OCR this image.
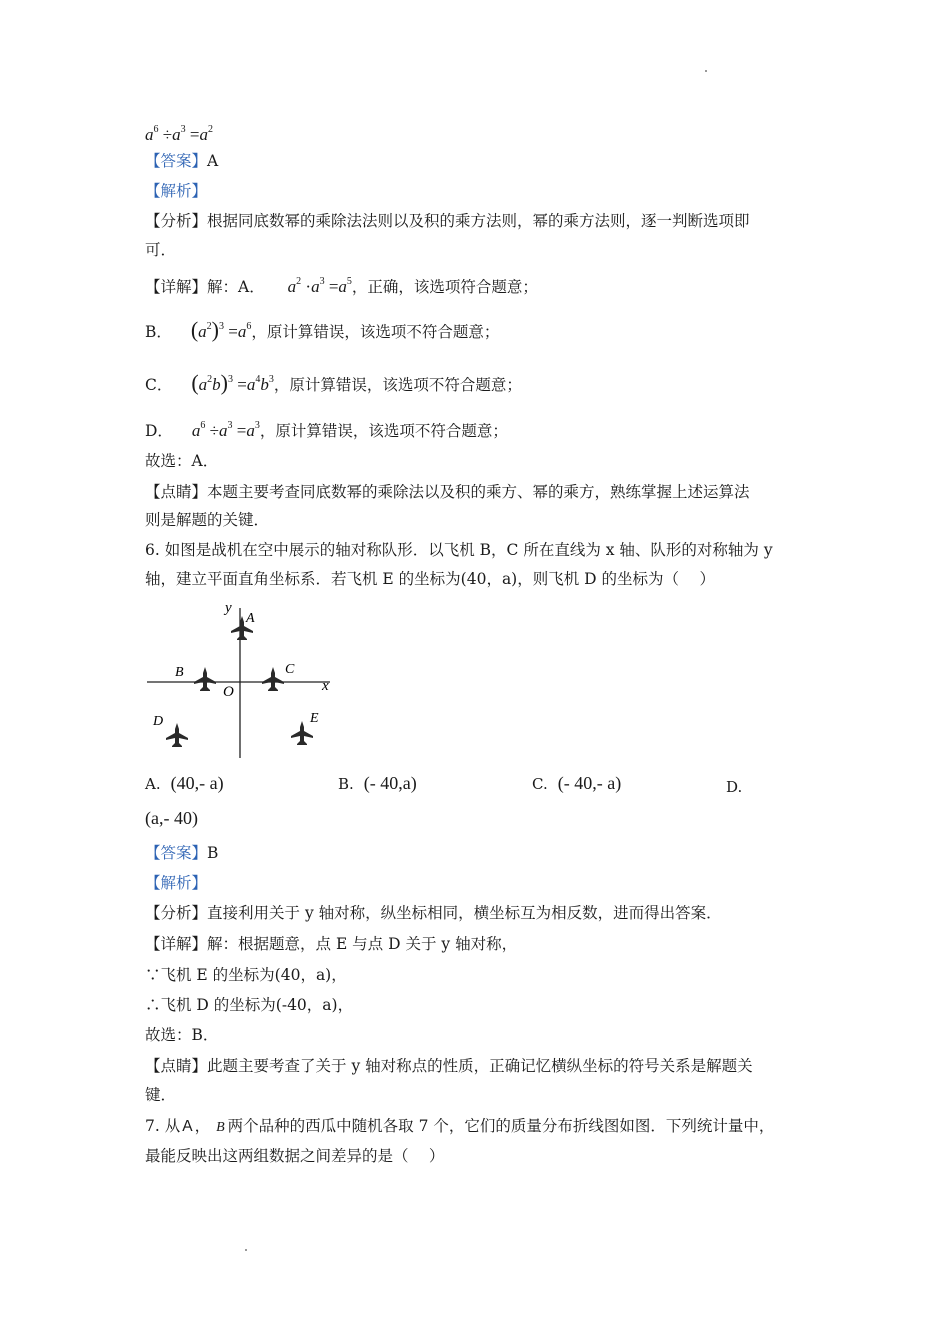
$a^6 \div a^3 =a^2$
【答案】A
【解析】
【分析】根据同底数幂的乘除法法则以及积的乘方法则，幂的乘方法则，逐一判断选项即
可．
【详解】解：A． $a^2 \cdot a^3 =a^5$，正确，该选项符合题意；
B． $(a^2)^3 =a^6$，原计算错误，该选项不符合题意；
C． $(a^2b)^3 =a^4b^3$，原计算错误，该选项不符合题意；
D． $a^6 \div a^3 =a^3$，原计算错误，该选项不符合题意；
故选：A．
【点睛】本题主要考查同底数幂的乘除法以及积的乘方、幂的乘方，熟练掌握上述运算法
则是解题的关键．
6. 如图是战机在空中展示的轴对称队形．以飞机 B，C 所在直线为 x 轴、队形的对称轴为 y
轴，建立平面直角坐标系．若飞机 E 的坐标为(40，a)，则飞机 D 的坐标为（　 ）
y
x
O
A
B	C
D	E
A. (40,- a)	B. (- 40,a)	C. (- 40,- a)	D.
(a,- 40)
【答案】B
【解析】
【分析】直接利用关于 y 轴对称，纵坐标相同，横坐标互为相反数，进而得出答案．
【详解】解：根据题意，点 E 与点 D 关于 y 轴对称，
∵飞机 E 的坐标为(40，a)，
∴飞机 D 的坐标为(-40，a)，
故选：B．
【点睛】此题主要考查了关于 y 轴对称点的性质，正确记忆横纵坐标的符号关系是解题关
键．
7. 从 A ， B 两个品种的西瓜中随机各取 7 个，它们的质量分布折线图如图．下列统计量中，
最能反映出这两组数据之间差异的是（　 ）
